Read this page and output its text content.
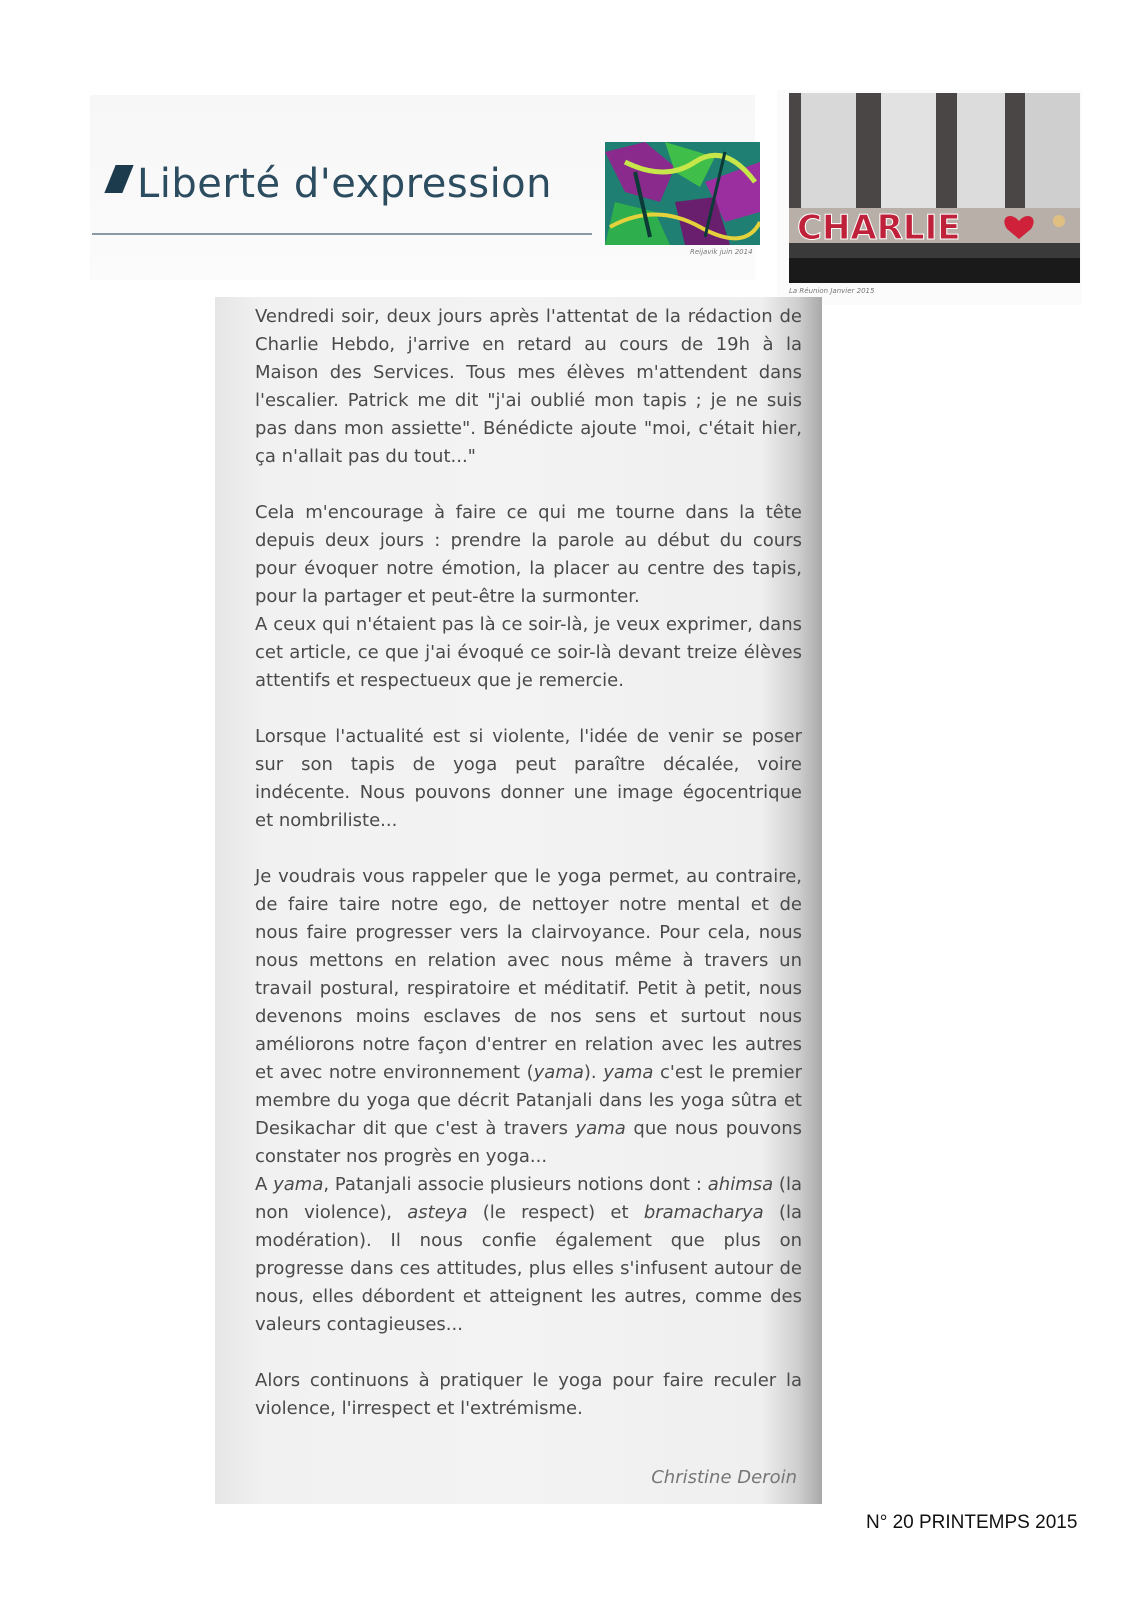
Liberté d'expression
Reijavik juin 2014
CHARLIE
La Réunion Janvier 2015

Vendredi soir, deux jours après l'attentat de la rédaction de Charlie Hebdo, j'arrive en retard au cours de 19h à la Maison des Services. Tous mes élèves m'attendent dans l'escalier. Patrick me dit "j'ai oublié mon tapis ; je ne suis pas dans mon assiette". Bénédicte ajoute "moi, c'était hier, ça n'allait pas du tout..."

Cela m'encourage à faire ce qui me tourne dans la tête depuis deux jours : prendre la parole au début du cours pour évoquer notre émotion, la placer au centre des tapis, pour la partager et peut-être la surmonter.

A ceux qui n'étaient pas là ce soir-là, je veux exprimer, dans cet article, ce que j'ai évoqué ce soir-là devant treize élèves attentifs et respectueux que je remercie.

Lorsque l'actualité est si violente, l'idée de venir se poser sur son tapis de yoga peut paraître décalée, voire indécente. Nous pouvons donner une image égocentrique et nombriliste...

Je voudrais vous rappeler que le yoga permet, au contraire, de faire taire notre ego, de nettoyer notre mental et de nous faire progresser vers la clairvoyance. Pour cela, nous nous mettons en relation avec nous même à travers un travail postural, respiratoire et méditatif. Petit à petit, nous devenons moins esclaves de nos sens et surtout nous améliorons notre façon d'entrer en relation avec les autres et avec notre environnement (yama). yama c'est le premier membre du yoga que décrit Patanjali dans les yoga sûtra et Desikachar dit que c'est à travers yama que nous pouvons constater nos progrès en yoga...

A yama, Patanjali associe plusieurs notions dont : ahimsa (la non violence), asteya (le respect) et bramacharya (la modération). Il nous confie également que plus on progresse dans ces attitudes, plus elles s'infusent autour de nous, elles débordent et atteignent les autres, comme des valeurs contagieuses...

Alors continuons à pratiquer le yoga pour faire reculer la violence, l'irrespect et l'extrémisme.

Christine Deroin
N° 20 PRINTEMPS 2015
